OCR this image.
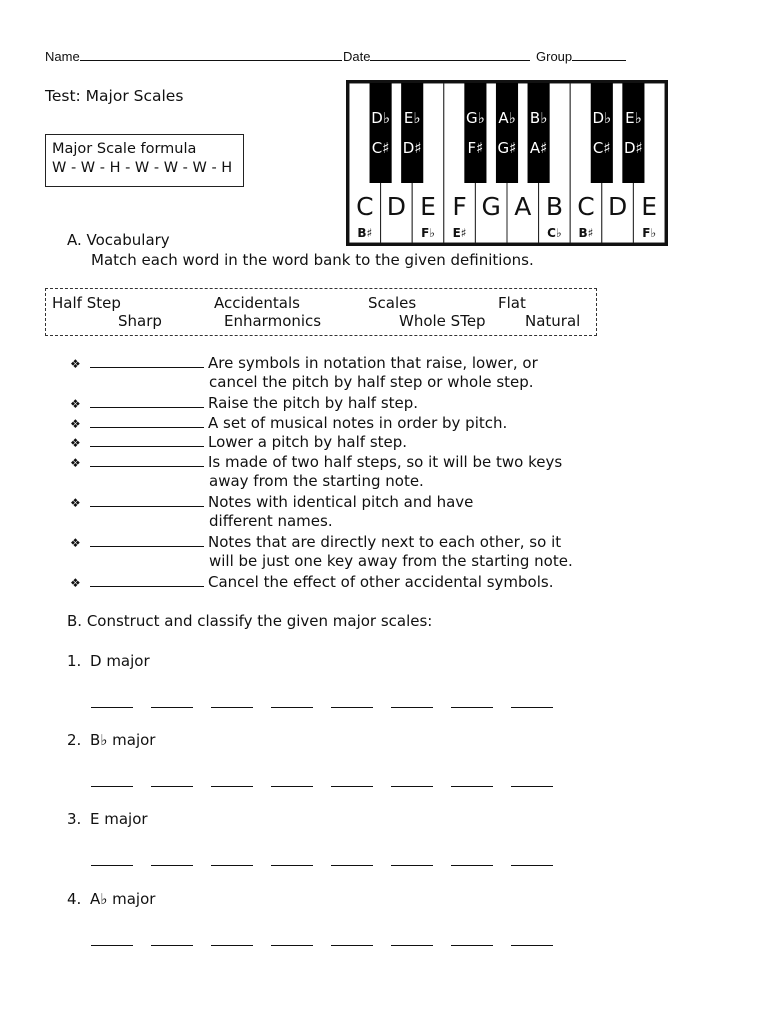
Name	Date	Group
Test: Major Scales
Major Scale formula
W - W - H - W - W - W - H
C
B♯
D E
F♭
F
E♯
G A B
C♭
C
B♯
D E
F♭
D♭
C♯
E♭
D♯
G♭
F♯
A♭
G♯
B♭
A♯
D♭
C♯
E♭
D♯
A. Vocabulary
Match each word in the word bank to the given definitions.
Half Step	Accidentals	Scales	Flat
Sharp	Enharmonics	Whole STep	Natural
❖	Are symbols in notation that raise, lower, or
cancel the pitch by half step or whole step.
❖	Raise the pitch by half step.
❖	A set of musical notes in order by pitch.
❖	Lower a pitch by half step.
❖	Is made of two half steps, so it will be two keys
away from the starting note.
❖	Notes with identical pitch and have
different names.
❖	Notes that are directly next to each other, so it
will be just one key away from the starting note.
❖	Cancel the effect of other accidental symbols.
B. Construct and classify the given major scales:
1. D major
2. B♭ major
3. E major
4. A♭ major
